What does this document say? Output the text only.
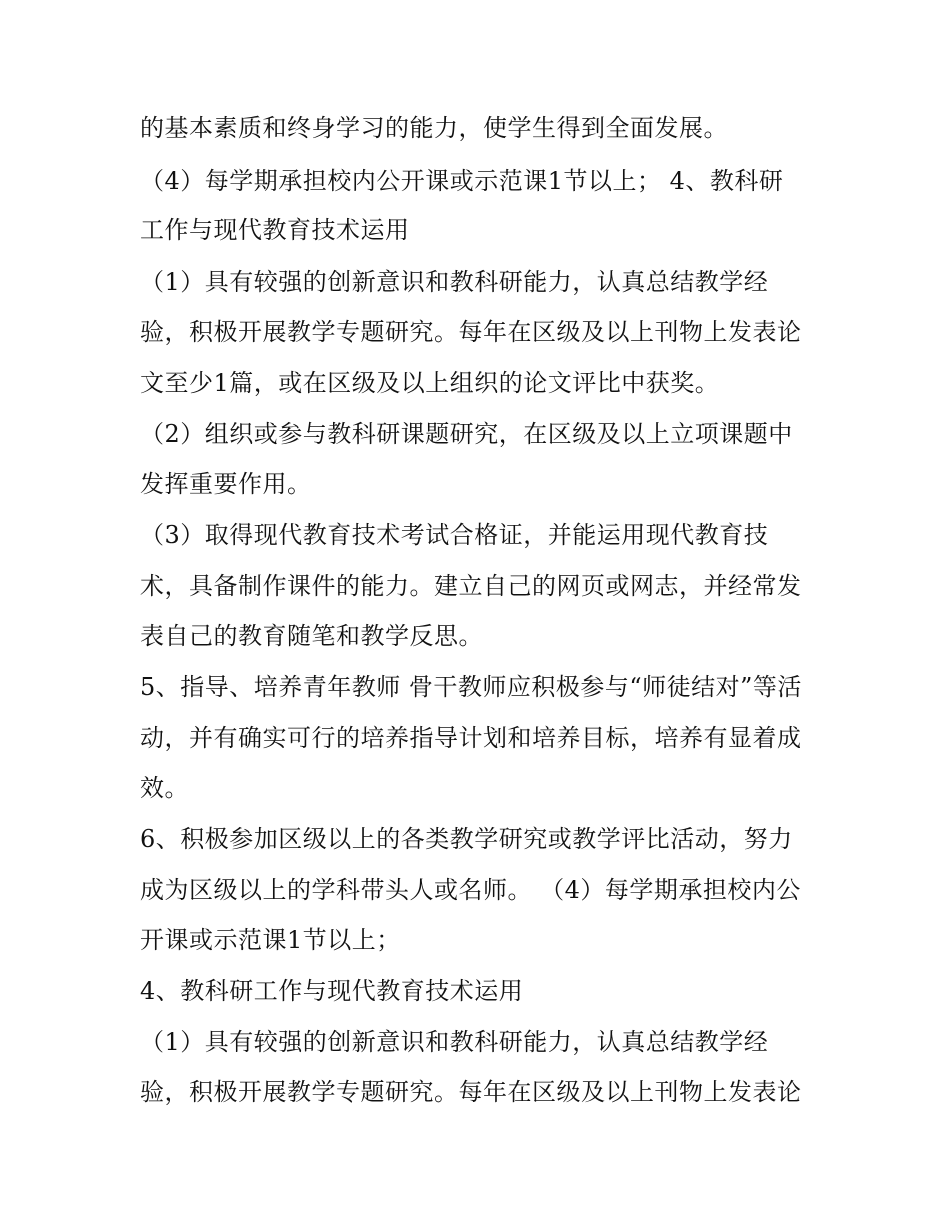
的基本素质和终身学习的能力，使学生得到全面发展。
（4）每学期承担校内公开课或示范课1节以上； 4、教科研
工作与现代教育技术运用
（1）具有较强的创新意识和教科研能力，认真总结教学经
验，积极开展教学专题研究。每年在区级及以上刊物上发表论
文至少1篇，或在区级及以上组织的论文评比中获奖。
（2）组织或参与教科研课题研究，在区级及以上立项课题中
发挥重要作用。
（3）取得现代教育技术考试合格证，并能运用现代教育技
术，具备制作课件的能力。建立自己的网页或网志，并经常发
表自己的教育随笔和教学反思。
5、指导、培养青年教师 骨干教师应积极参与“师徒结对”等活
动，并有确实可行的培养指导计划和培养目标，培养有显着成
效。
6、积极参加区级以上的各类教学研究或教学评比活动，努力
成为区级以上的学科带头人或名师。 （4）每学期承担校内公
开课或示范课1节以上；
4、教科研工作与现代教育技术运用
（1）具有较强的创新意识和教科研能力，认真总结教学经
验，积极开展教学专题研究。每年在区级及以上刊物上发表论
